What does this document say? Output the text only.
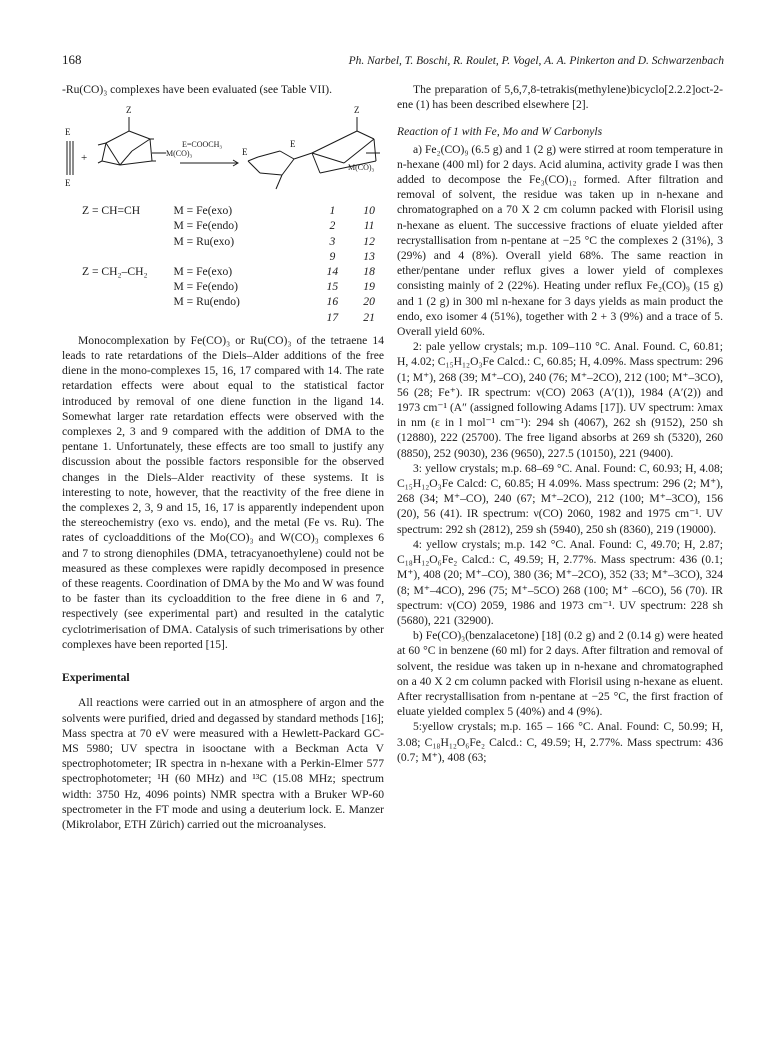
168	Ph. Narbel, T. Boschi, R. Roulet, P. Vogel, A. A. Pinkerton and D. Schwarzenbach

-Ru(CO)₃ complexes have been evaluated (see Table VII).

E
E
+
Z
M(CO)₃
E=COOCH₃
E
E
Z
M(CO)₃
Z = CH=CH	M = Fe(exo)	1	10
	M = Fe(endo)	2	11
	M = Ru(exo)	3	12
		9	13
Z = CH₂–CH₂	M = Fe(exo)	14	18
	M = Fe(endo)	15	19
	M = Ru(endo)	16	20
		17	21

Monocomplexation by Fe(CO)₃ or Ru(CO)₃ of the tetraene 14 leads to rate retardations of the Diels–Alder additions of the free diene in the mono-complexes 15, 16, 17 compared with 14. The rate retardation effects were about equal to the statistical factor introduced by removal of one diene function in the ligand 14. Somewhat larger rate retardation effects were observed with the complexes 2, 3 and 9 compared with the addition of DMA to the pentane 1. Unfortunately, these effects are too small to justify any discussion about the possible factors responsible for the observed changes in the Diels–Alder reactivity of these systems. It is interesting to note, however, that the reactivity of the free diene in the complexes 2, 3, 9 and 15, 16, 17 is apparently independent upon the stereochemistry (exo vs. endo), and the metal (Fe vs. Ru). The rates of cycloadditions of the Mo(CO)₃ and W(CO)₃ complexes 6 and 7 to strong dienophiles (DMA, tetracyanoethylene) could not be measured as these complexes were rapidly decomposed in presence of these reagents. Coordination of DMA by the Mo and W was found to be faster than its cycloaddition to the free diene in 6 and 7, respectively (see experimental part) and resulted in the catalytic cyclotrimerisation of DMA. Catalysis of such trimerisations by other complexes have been reported [15].

Experimental

All reactions were carried out in an atmosphere of argon and the solvents were purified, dried and degassed by standard methods [16]; Mass spectra at 70 eV were measured with a Hewlett-Packard GC-MS 5980; UV spectra in isooctane with a Beckman Acta V spectrophotometer; IR spectra in n-hexane with a Perkin-Elmer 577 spectrophotometer; ¹H (60 MHz) and ¹³C (15.08 MHz; spectrum width: 3750 Hz, 4096 points) NMR spectra with a Bruker WP-60 spectrometer in the FT mode and using a deuterium lock. E. Manzer (Mikrolabor, ETH Zürich) carried out the microanalyses.

The preparation of 5,6,7,8-tetrakis(methylene)bicyclo[2.2.2]oct-2-ene (1) has been described elsewhere [2].

Reaction of 1 with Fe, Mo and W Carbonyls

a) Fe₂(CO)₉ (6.5 g) and 1 (2 g) were stirred at room temperature in n-hexane (400 ml) for 2 days. Acid alumina, activity grade I was then added to decompose the Fe₃(CO)₁₂ formed. After filtration and removal of solvent, the residue was taken up in n-hexane and chromatographed on a 70 X 2 cm column packed with Florisil using n-hexane as eluent. The successive fractions of eluate yielded after recrystallisation from n-pentane at −25 °C the complexes 2 (31%), 3 (29%) and 4 (8%). Overall yield 68%. The same reaction in ether/pentane under reflux gives a lower yield of complexes consisting mainly of 2 (22%). Heating under reflux Fe₂(CO)₉ (15 g) and 1 (2 g) in 300 ml n-hexane for 3 days yields as main product the endo, exo isomer 4 (51%), together with 2 + 3 (9%) and a trace of 5. Overall yield 60%.

2: pale yellow crystals; m.p. 109–110 °C. Anal. Found. C, 60.81; H, 4.02; C₁₅H₁₂O₃Fe Calcd.: C, 60.85; H, 4.09%. Mass spectrum: 296 (1; M⁺), 268 (39; M⁺–CO), 240 (76; M⁺–2CO), 212 (100; M⁺–3CO), 56 (28; Fe⁺). IR spectrum: ν(CO) 2063 (A′(1)), 1984 (A′(2)) and 1973 cm⁻¹ (A″ (assigned following Adams [17]). UV spectrum: λmax in nm (ε in l mol⁻¹ cm⁻¹): 294 sh (4067), 262 sh (9152), 250 sh (12880), 222 (25700). The free ligand absorbs at 269 sh (5320), 260 (8850), 252 (9030), 236 (9650), 227.5 (10150), 221 (9400).

3: yellow crystals; m.p. 68–69 °C. Anal. Found: C, 60.93; H, 4.08; C₁₅H₁₂O₃Fe Calcd: C, 60.85; H 4.09%. Mass spectrum: 296 (2; M⁺), 268 (34; M⁺–CO), 240 (67; M⁺–2CO), 212 (100; M⁺–3CO), 156 (20), 56 (41). IR spectrum: ν(CO) 2060, 1982 and 1975 cm⁻¹. UV spectrum: 292 sh (2812), 259 sh (5940), 250 sh (8360), 219 (19000).

4: yellow crystals; m.p. 142 °C. Anal. Found: C, 49.70; H, 2.87; C₁₈H₁₂O₆Fe₂ Calcd.: C, 49.59; H, 2.77%. Mass spectrum: 436 (0.1; M⁺), 408 (20; M⁺–CO), 380 (36; M⁺–2CO), 352 (33; M⁺–3CO), 324 (8; M⁺–4CO), 296 (75; M⁺–5CO) 268 (100; M⁺ –6CO), 56 (70). IR spectrum: ν(CO) 2059, 1986 and 1973 cm⁻¹. UV spectrum: 228 sh (5680), 221 (32900).

b) Fe(CO)₃(benzalacetone) [18] (0.2 g) and 2 (0.14 g) were heated at 60 °C in benzene (60 ml) for 2 days. After filtration and removal of solvent, the residue was taken up in n-hexane and chromatographed on a 40 X 2 cm column packed with Florisil using n-hexane as eluent. After recrystallisation from n-pentane at −25 °C, the first fraction of eluate yielded complex 5 (40%) and 4 (9%).

5:yellow crystals; m.p. 165 – 166 °C. Anal. Found: C, 50.99; H, 3.08; C₁₈H₁₂O₆Fe₂ Calcd.: C, 49.59; H, 2.77%. Mass spectrum: 436 (0.7; M⁺), 408 (63;
